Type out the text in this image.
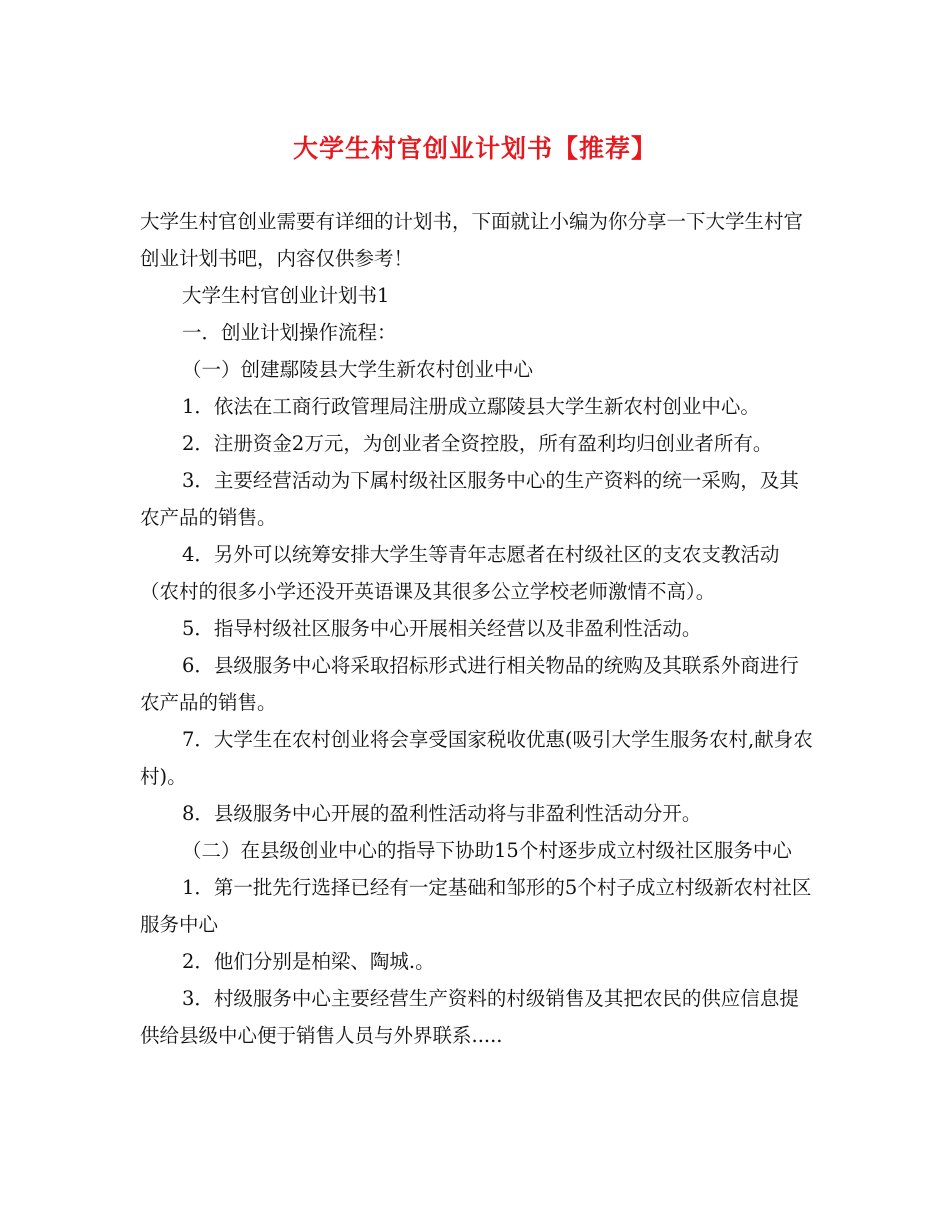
大学生村官创业计划书【推荐】

大学生村官创业需要有详细的计划书，下面就让小编为你分享一下大学生村官创业计划书吧，内容仅供参考！

大学生村官创业计划书1

一．创业计划操作流程：

（一）创建鄢陵县大学生新农村创业中心

1．依法在工商行政管理局注册成立鄢陵县大学生新农村创业中心。

2．注册资金2万元，为创业者全资控股，所有盈利均归创业者所有。

3．主要经营活动为下属村级社区服务中心的生产资料的统一采购，及其农产品的销售。

4．另外可以统筹安排大学生等青年志愿者在村级社区的支农支教活动（农村的很多小学还没开英语课及其很多公立学校老师激情不高）。

5．指导村级社区服务中心开展相关经营以及非盈利性活动。

6．县级服务中心将采取招标形式进行相关物品的统购及其联系外商进行农产品的销售。

7．大学生在农村创业将会享受国家税收优惠(吸引大学生服务农村,献身农村)。

8．县级服务中心开展的盈利性活动将与非盈利性活动分开。

（二）在县级创业中心的指导下协助15个村逐步成立村级社区服务中心

1．第一批先行选择已经有一定基础和邹形的5个村子成立村级新农村社区服务中心

2．他们分别是柏梁、陶城.。

3．村级服务中心主要经营生产资料的村级销售及其把农民的供应信息提供给县级中心便于销售人员与外界联系.....
